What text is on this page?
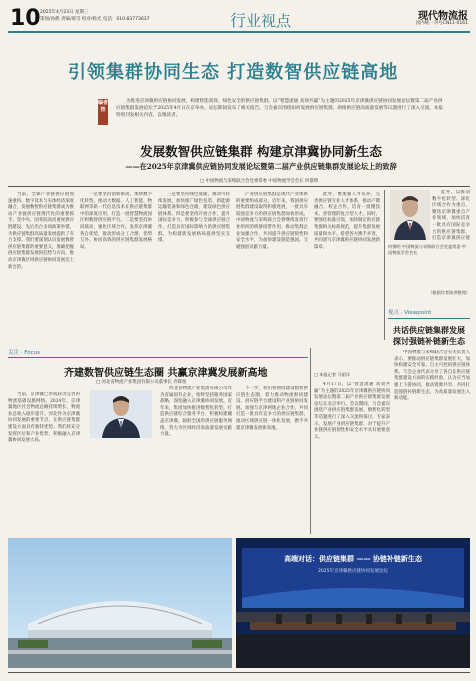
10 2025年4月23日 星期三
策划/孙鹤 责编/郝雪 校对/杨光 电话：010-83773637	行业视点	现代物流报
国内统一刊号CN11-0161
引领集群协同生态 打造数智供应链高地
编者按
为推进京津冀供应链协同发展，构建智能高效、绿色安全的供应链集群，以“智慧流通 高效共赢”为主题的2025年京津冀供应链协同发展论坛暨第二届产业供应链集群发展论坛于2025年4月日在京举办。论坛期间发布了相关报告，与会嘉宾围绕如何发展供应链集群、助推供应链高质量发展等议题进行了深入交流。本报特别刊发相关内容，以飨读者。
发展数智供应链集群 构建京津冀协同新生态
——在2025年京津冀供应链协同发展论坛暨第二届产业供应链集群发展论坛上的致辞
□ 中国物流与采购联合会党委常委 中国物流学会会长 何黎明

当前，全球产业链供应链加速重构，数字技术与实体经济深度融合，发展数智供应链集群成为推动产业链供应链现代化的重要抓手。党中央、国务院高度重视供应链建设，先后出台多项政策举措，为供应链集群高质量发展提供了有力支撑。我们要深刻认识发展数智供应链集群的重要意义，准确把握供应链集群发展的趋势与方向，推动京津冀区域供应链协同发展迈上新台阶。

一是要坚持创新驱动，加快数字化转型。推动大数据、人工智能、物联网等新一代信息技术在供应链集群中的深度应用，打造一批智慧物流园区和数智供应链平台。二是要坚持协同联动，强化区域合作。发挥京津冀各自优势，推动形成分工合理、优势互补、协同高效的供应链集群发展格局。

三是要坚持绿色低碳，推动可持续发展。加快推广绿色包装、新能源运输装备和绿色仓储，建设绿色供应链体系。四是要坚持开放合作，提升国际竞争力。积极参与全球供应链合作，打造具有国际影响力的供应链集群，为构建新发展格局提供坚实支撑。

产业供应链集群是现代产业体系的重要组成部分。近年来，我国供应链集群建设取得积极进展，一批具有较强竞争力的供应链集群加快形成。中国物流与采购联合会将继续发挥行业组织的桥梁纽带作用，推动集群企业加强合作，共同提升供应链韧性和安全水平，为加快建设制造强国、交通强国贡献力量。

此外，要加强人才培养，完善供应链专业人才体系，推动产教融合、校企合作，培育一批懂技术、善管理的复合型人才。同时，要强化标准引领，加快制定供应链集群相关标准规范，提升集群发展质量和水平。希望各方携手并进，共同谱写京津冀供应链协同发展新篇章。

此外，以推动数字化转型、深化区域合作为重点，聚焦京津冀重点产业领域，加快培育一批具有国际竞争力的供应链集群，打造京津冀供应链

何黎明 中国物流与采购联合会党委常委 中国物流学会会长
（根据作者演讲整理）
视点 · Viewpoint
共话供应链集群发展 探讨强链补链新生态
关注 · Focus
齐建数智供应链生态圈 共赢京津冀发展新高地
□ 河北省物流产业集团有限公司董事长 乔辉煌

当前，京津冀已形成较为完善的物流基础设施网络。2024年，京津冀地区社会物流总额持续增长，物流业总收入稳步提升。河北作为京津冀协同发展的重要节点，在供应链集群建设方面具有独特优势。我们将充分发挥区位和产业优势，积极融入京津冀协同发展大局。

河北省物流产业集团有限公司作为省属国有企业，始终坚持服务国家战略，深度融入京津冀协同发展。近年来，集团加快推进数智化转型，打造供应链综合服务平台，积极构建覆盖京津冀、辐射全国的供应链服务网络，努力为区域经济高质量发展贡献力量。

下一步，我们将围绕建设数智供应链生态圈，着力推动物流枢纽建设、供应链平台建设和产业链协同发展。加强与京津两地企业合作，共同打造一批具有竞争力的供应链集群，推动区域供应链一体化发展，携手共建京津冀发展新高地。

□ 本报记者 马丽洋

4月17日，以“智慧流通 高效共赢”为主题的2025年京津冀供应链协同发展论坛暨第二届产业供应链集群发展论坛在北京举行。会议期间，与会嘉宾围绕产业供应链集群发展、数智化转型等话题进行了深入交流和探讨。专家表示，发展产业供应链集群，对于提升产业链供应链韧性和安全水平具有重要意义。

中国物流与采购联合会有关负责人表示，要推动供应链集群发展壮大，加快构建安全可靠、自主可控的供应链体系。与会企业代表分享了各自在供应链集群建设方面的实践经验，认为应当加强上下游协同，推动资源共享，共同打造强链补链新生态，为高质量发展注入新动能。

高端对话：供应链集群 —— 协链补链新生态
2025年京津冀供应链协同发展论坛
